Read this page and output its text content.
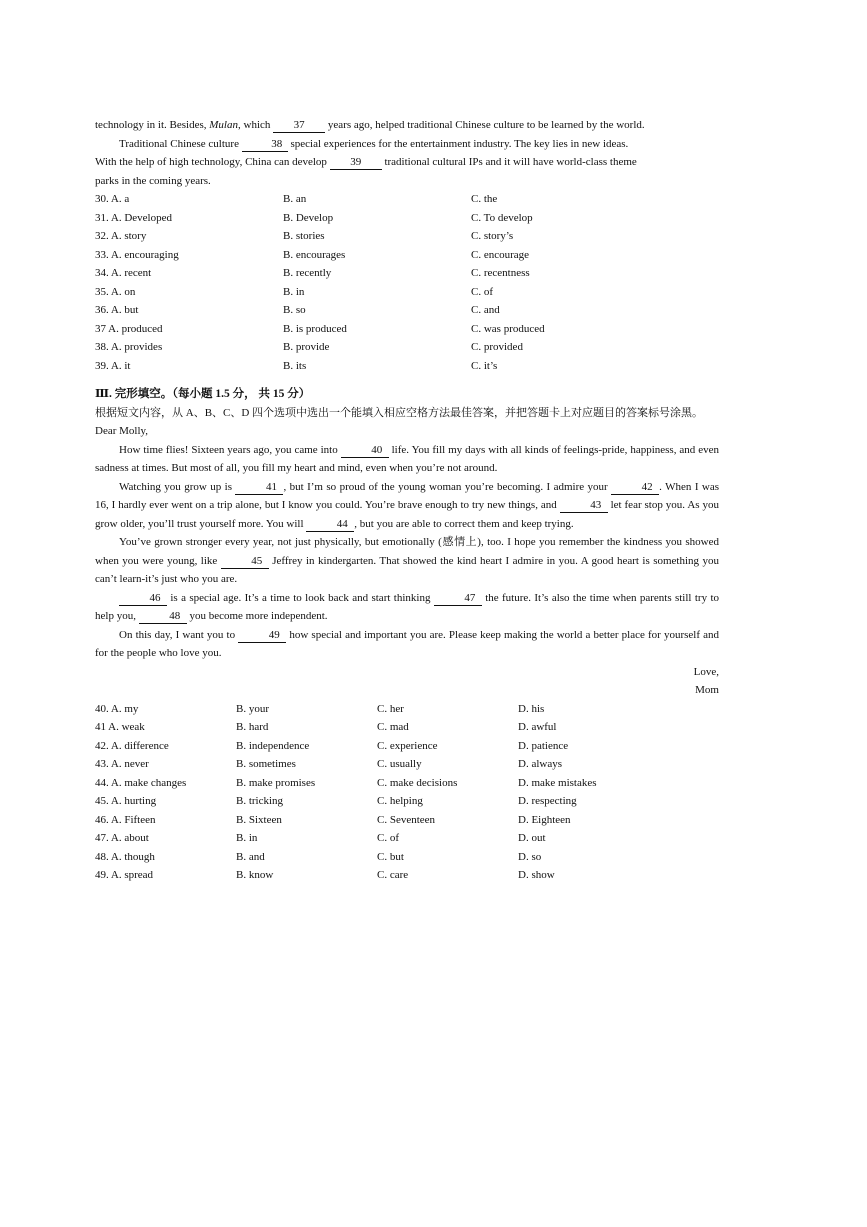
technology in it. Besides, Mulan, which 37 years ago, helped traditional Chinese culture to be learned by the world.

Traditional Chinese culture	38 special experiences for the entertainment industry. The key lies in new ideas.

With the help of high technology, China can develop 39 traditional cultural IPs and it will have world-class theme

parks in the coming years.

30. A. a	B. an	C. the
31. A. Developed	B. Develop	C. To develop
32. A. story	B. stories	C. story’s
33. A. encouraging	B. encourages	C. encourage
34. A. recent	B. recently	C. recentness
35. A. on	B. in	C. of
36. A. but	B. so	C. and
37 A. produced	B. is produced	C. was produced
38. A. provides	B. provide	C. provided
39. A. it	B. its	C. it’s

Ⅲ. 完形填空。（每小题 1.5 分， 共 15 分）

根据短文内容，从 A、B、C、D 四个选项中选出一个能填入相应空格方法最佳答案，并把答题卡上对应题目的答案标号涂黑。

Dear Molly,

How time flies! Sixteen years ago, you came into	40 life. You fill my days with all kinds of feelings-pride, happiness, and even sadness at times. But most of all, you fill my heart and mind, even when you’re not around.

Watching you grow up is	41 , but I’m so proud of the young woman you’re becoming. I admire your	42 . When I was 16, I hardly ever went on a trip alone, but I know you could. You’re brave enough to try new things, and	43 let fear stop you. As you grow older, you’ll trust yourself more. You will	44 , but you are able to correct them and keep trying.

You’ve grown stronger every year, not just physically, but emotionally (感情上), too. I hope you remember the kindness you showed when you were young, like	45 Jeffrey in kindergarten. That showed the kind heart I admire in you. A good heart is something you can’t learn-it’s just who you are.

46 is a special age. It’s a time to look back and start thinking	47 the future. It’s also the time when parents still try to help you,	48 you become more independent.

On this day, I want you to	49 how special and important you are. Please keep making the world a better place for yourself and for the people who love you.

Love,

Mom

40. A. my	B. your	C. her	D. his
41 A. weak	B. hard	C. mad	D. awful
42. A. difference	B. independence	C. experience	D. patience
43. A. never	B. sometimes	C. usually	D. always
44. A. make changes	B. make promises	C. make decisions	D. make mistakes
45. A. hurting	B. tricking	C. helping	D. respecting
46. A. Fifteen	B. Sixteen	C. Seventeen	D. Eighteen
47. A. about	B. in	C. of	D. out
48. A. though	B. and	C. but	D. so
49. A. spread	B. know	C. care	D. show
